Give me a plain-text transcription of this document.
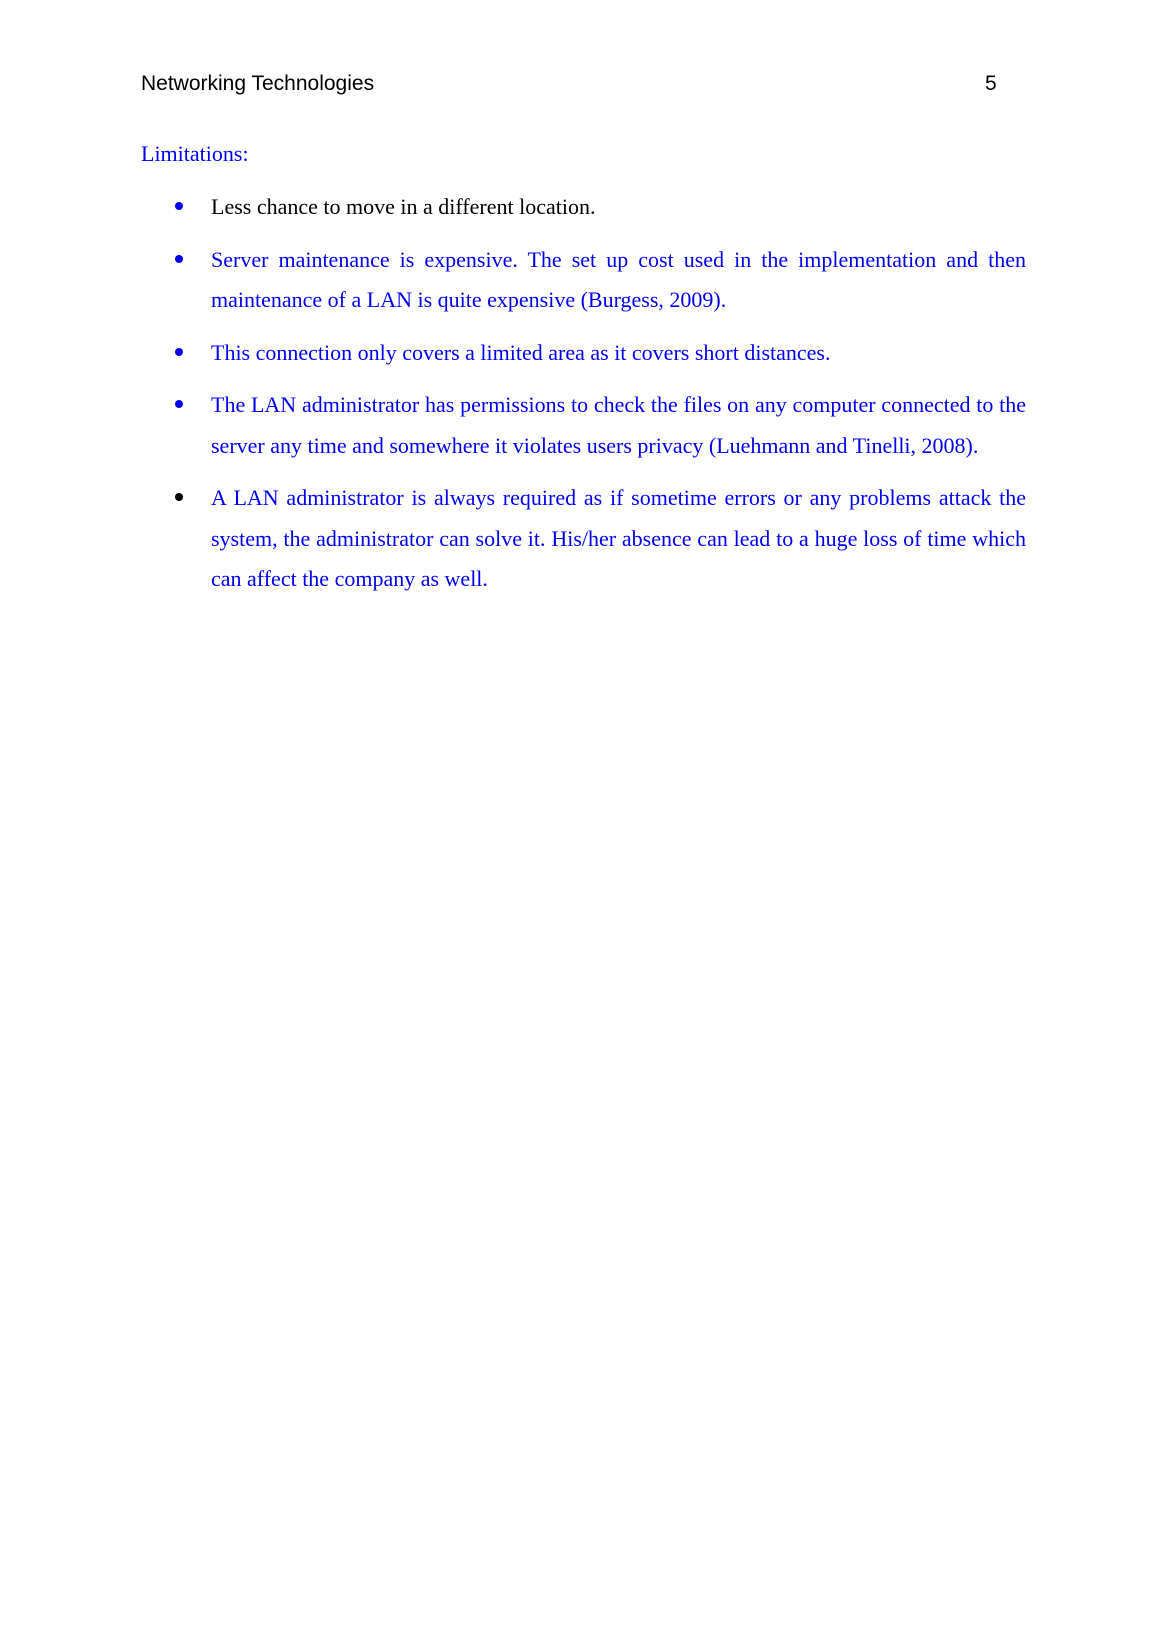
Networking Technologies	5
Limitations:
Less chance to move in a different location.
Server maintenance is expensive. The set up cost used in the implementation and then maintenance of a LAN is quite expensive (Burgess, 2009).
This connection only covers a limited area as it covers short distances.
The LAN administrator has permissions to check the files on any computer connected to the server any time and somewhere it violates users privacy (Luehmann and Tinelli, 2008).
A LAN administrator is always required as if sometime errors or any problems attack the system, the administrator can solve it. His/her absence can lead to a huge loss of time which can affect the company as well.
